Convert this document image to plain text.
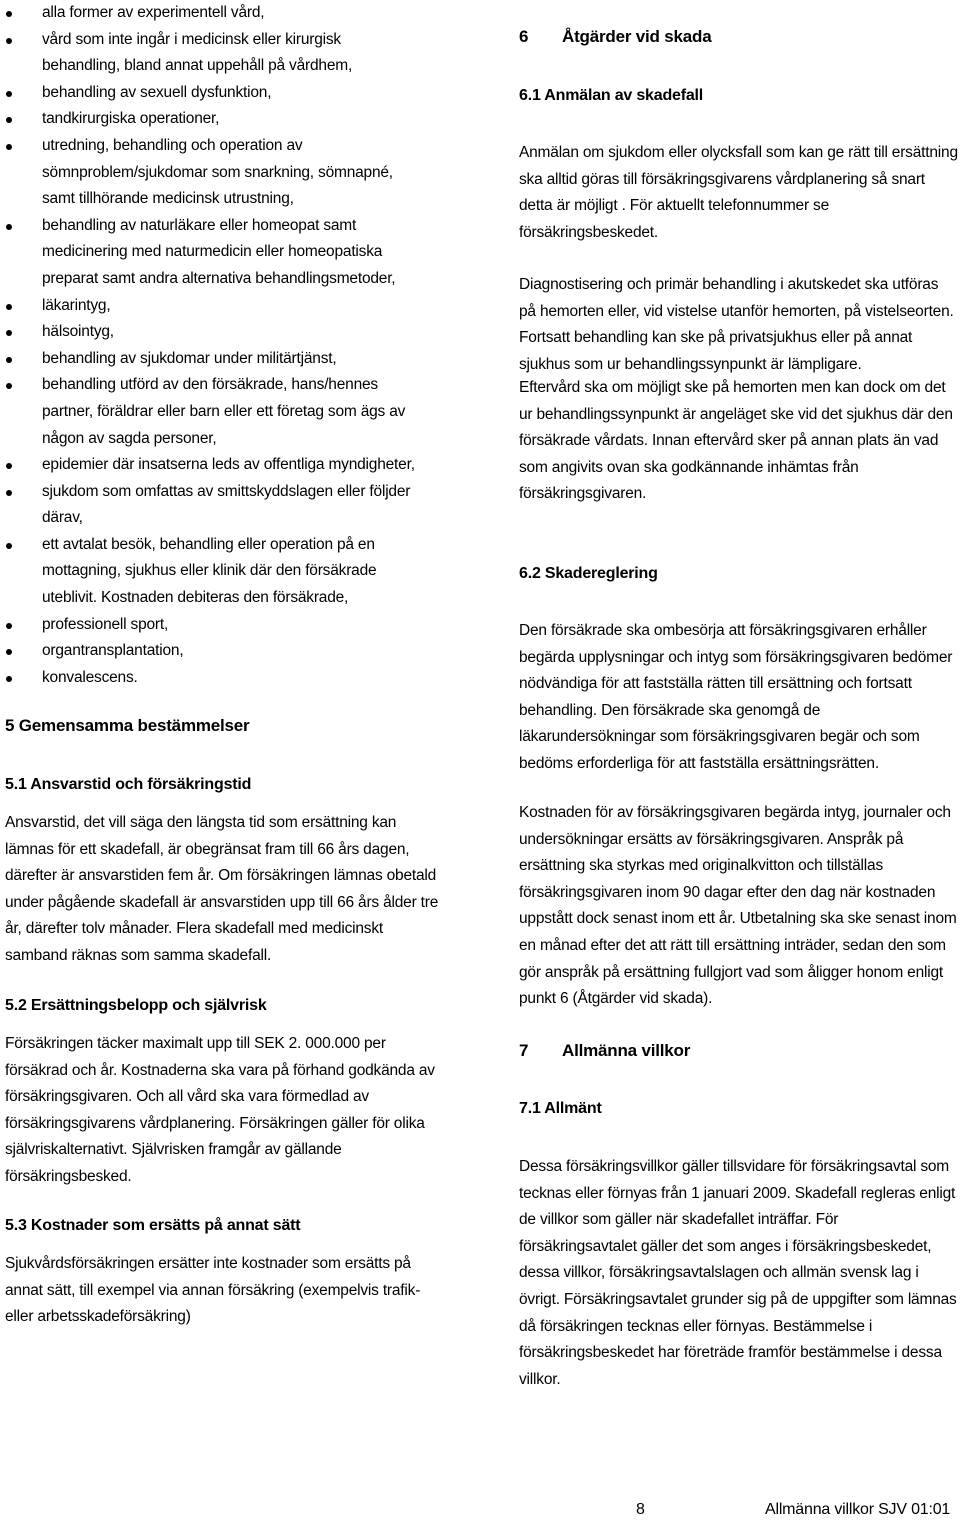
alla former av experimentell vård,
vård som inte ingår i medicinsk eller kirurgisk behandling, bland annat uppehåll på vårdhem,
behandling av sexuell dysfunktion,
tandkirurgiska operationer,
utredning, behandling och operation av sömnproblem/sjukdomar som snarkning, sömnapné, samt tillhörande medicinsk utrustning,
behandling av naturläkare eller homeopat samt medicinering med naturmedicin eller homeopatiska preparat samt andra alternativa behandlingsmetoder,
läkarintyg,
hälsointyg,
behandling av sjukdomar under militärtjänst,
behandling utförd av den försäkrade, hans/hennes partner, föräldrar eller barn eller ett företag som ägs av någon av sagda personer,
epidemier där insatserna leds av offentliga myndigheter,
sjukdom som omfattas av smittskyddslagen eller följder därav,
ett avtalat besök, behandling eller operation på en mottagning, sjukhus eller klinik där den försäkrade uteblivit. Kostnaden debiteras den försäkrade,
professionell sport,
organtransplantation,
konvalescens.
5 Gemensamma bestämmelser
5.1 Ansvarstid och försäkringstid

Ansvarstid, det vill säga den längsta tid som ersättning kan lämnas för ett skadefall, är obegränsat fram till 66 års dagen, därefter är ansvarstiden fem år. Om försäkringen lämnas obetald under pågående skadefall är ansvarstiden upp till 66 års ålder tre år, därefter tolv månader. Flera skadefall med medicinskt samband räknas som samma skadefall.

5.2 Ersättningsbelopp och självrisk

Försäkringen täcker maximalt upp till SEK 2. 000.000 per försäkrad och år. Kostnaderna ska vara på förhand godkända av försäkringsgivaren. Och all vård ska vara förmedlad av försäkringsgivarens vårdplanering. Försäkringen gäller för olika självriskalternativt. Självrisken framgår av gällande försäkringsbesked.

5.3 Kostnader som ersätts på annat sätt

Sjukvårdsförsäkringen ersätter inte kostnader som ersätts på annat sätt, till exempel via annan försäkring (exempelvis trafik-eller arbetsskadeförsäkring)

6 Åtgärder vid skada
6.1 Anmälan av skadefall

Anmälan om sjukdom eller olycksfall som kan ge rätt till ersättning ska alltid göras till försäkringsgivarens vårdplanering så snart detta är möjligt . För aktuellt telefonnummer se försäkringsbeskedet.

Diagnostisering och primär behandling i akutskedet ska utföras på hemorten eller, vid vistelse utanför hemorten, på vistelseorten. Fortsatt behandling kan ske på privatsjukhus eller på annat sjukhus som ur behandlingssynpunkt är lämpligare.

Eftervård ska om möjligt ske på hemorten men kan dock om det ur behandlingssynpunkt är angeläget ske vid det sjukhus där den försäkrade vårdats. Innan eftervård sker på annan plats än vad som angivits ovan ska godkännande inhämtas från försäkringsgivaren.

6.2 Skadereglering

Den försäkrade ska ombesörja att försäkringsgivaren erhåller begärda upplysningar och intyg som försäkringsgivaren bedömer nödvändiga för att fastställa rätten till ersättning och fortsatt behandling. Den försäkrade ska genomgå de läkarundersökningar som försäkringsgivaren begär och som bedöms erforderliga för att fastställa ersättningsrätten.

Kostnaden för av försäkringsgivaren begärda intyg, journaler och undersökningar ersätts av försäkringsgivaren. Anspråk på ersättning ska styrkas med originalkvitton och tillställas försäkringsgivaren inom 90 dagar efter den dag när kostnaden uppstått dock senast inom ett år. Utbetalning ska ske senast inom en månad efter det att rätt till ersättning inträder, sedan den som gör anspråk på ersättning fullgjort vad som åligger honom enligt punkt 6 (Åtgärder vid skada).

7 Allmänna villkor
7.1 Allmänt

Dessa försäkringsvillkor gäller tillsvidare för försäkringsavtal som tecknas eller förnyas från 1 januari 2009. Skadefall regleras enligt de villkor som gäller när skadefallet inträffar. För försäkringsavtalet gäller det som anges i försäkringsbeskedet, dessa villkor, försäkringsavtalslagen och allmän svensk lag i övrigt. Försäkringsavtalet grunder sig på de uppgifter som lämnas då försäkringen tecknas eller förnyas. Bestämmelse i försäkringsbeskedet har företräde framför bestämmelse i dessa villkor.

8	Allmänna villkor SJV 01:01
